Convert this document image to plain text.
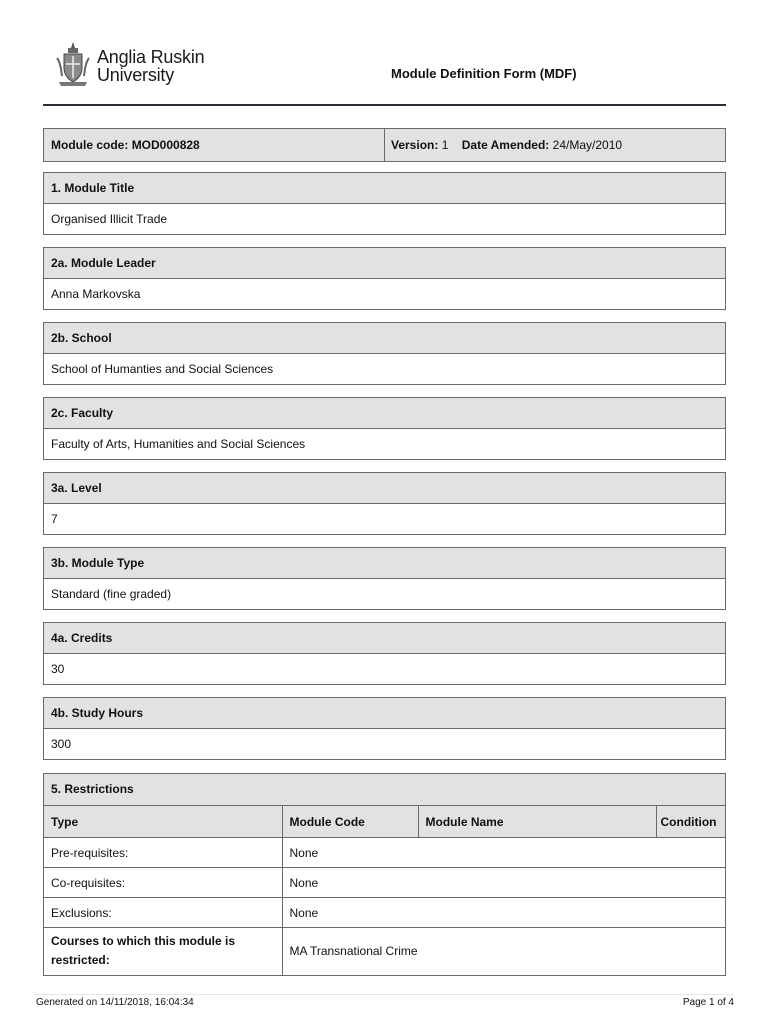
Anglia Ruskin
University	Module Definition Form (MDF)
Module code: MOD000828	Version: 1 Date Amended: 24/May/2010
1. Module Title
Organised Illicit Trade
2a. Module Leader
Anna Markovska
2b. School
School of Humanties and Social Sciences
2c. Faculty
Faculty of Arts, Humanities and Social Sciences
3a. Level
7
3b. Module Type
Standard (fine graded)
4a. Credits
30
4b. Study Hours
300
5. Restrictions
Type	Module Code	Module Name	Condition
Pre-requisites:	None		
Co-requisites:	None		
Exclusions:	None		
Courses to which this module is
restricted:	MA Transnational Crime		
Generated on 14/11/2018, 16:04:34	Page 1 of 4
